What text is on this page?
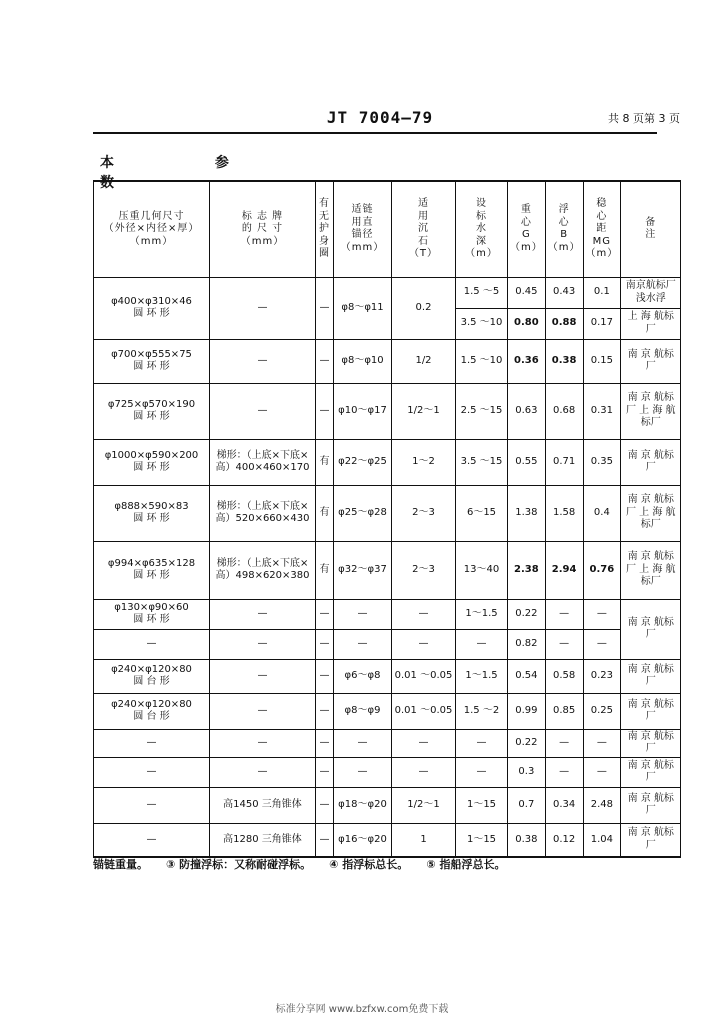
JT 7004—79	共 8 页第 3 页
本 参 数
压重几何尺寸
（外径×内径×厚）
（mm）	标 志 牌
的 尺 寸
（mm）	有无护身圈	适链
用直
锚径
（mm）	适
用
沉
石
（T）	设
标
水
深
（m）	重
心
G
（m）	浮
心
B
（m）	稳
心
距
MG
（m）	备
注

φ400×φ310×46
圆 环 形	—	—	φ8～φ11	0.2	1.5 ～5	0.45	0.43	0.1	南京航标厂浅水浮
					3.5 ～10	0.80	0.88	0.17	上 海 航标厂

φ700×φ555×75
圆 环 形	—	—	φ8～φ10	1/2	1.5 ～10	0.36	0.38	0.15	南 京 航标厂

φ725×φ570×190
圆 环 形	—	—	φ10～φ17	1/2～1	2.5 ～15	0.63	0.68	0.31	南 京 航标厂 上 海 航标厂

φ1000×φ590×200
圆 环 形	梯形：（上底×下底×高）400×460×170	有	φ22～φ25	1～2	3.5 ～15	0.55	0.71	0.35	南 京 航标厂

φ888×590×83
圆 环 形	梯形：（上底×下底×高）520×660×430	有	φ25～φ28	2～3	6～15	1.38	1.58	0.4	南 京 航标厂 上 海 航标厂

φ994×φ635×128
圆 环 形	梯形：（上底×下底×高）498×620×380	有	φ32～φ37	2～3	13～40	2.38	2.94	0.76	南 京 航标厂 上 海 航标厂

φ130×φ90×60
圆 环 形	—	—	—	—	1～1.5	0.22	—	—	南 京 航标厂

—	—	—	—	—	—	0.82	—	—	

φ240×φ120×80
圆 台 形	—	—	φ6～φ8	0.01 ～0.05	1～1.5	0.54	0.58	0.23	南 京 航标厂

φ240×φ120×80
圆 台 形	—	—	φ8～φ9	0.01 ～0.05	1.5 ～2	0.99	0.85	0.25	南 京 航标厂

—	—	—	—	—	—	0.22	—	—	南 京 航标厂

—	—	—	—	—	—	0.3	—	—	南 京 航标厂

—	高1450 三角锥体	—	φ18～φ20	1/2～1	1～15	0.7	0.34	2.48	南 京 航标厂

—	高1280 三角锥体	—	φ16～φ20	1	1～15	0.38	0.12	1.04	南 京 航标厂
锚链重量。 ③ 防撞浮标：又称耐碰浮标。 ④ 指浮标总长。 ⑤ 指船浮总长。
标准分享网 www.bzfxw.com免费下载
